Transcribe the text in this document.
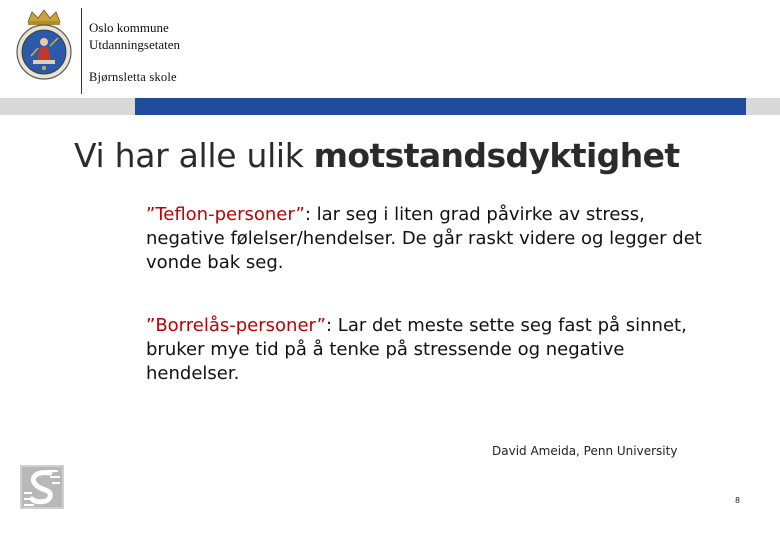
Oslo kommune
Utdanningsetaten
Bjørnsletta skole
Vi har alle ulik motstandsdyktighet
”Teflon-personer”: lar seg i liten grad påvirke av stress, negative følelser/hendelser. De går raskt videre og legger det vonde bak seg.
”Borrelås-personer”: Lar det meste sette seg fast på sinnet, bruker mye tid på å tenke på stressende og negative hendelser.
David Ameida, Penn University
8
